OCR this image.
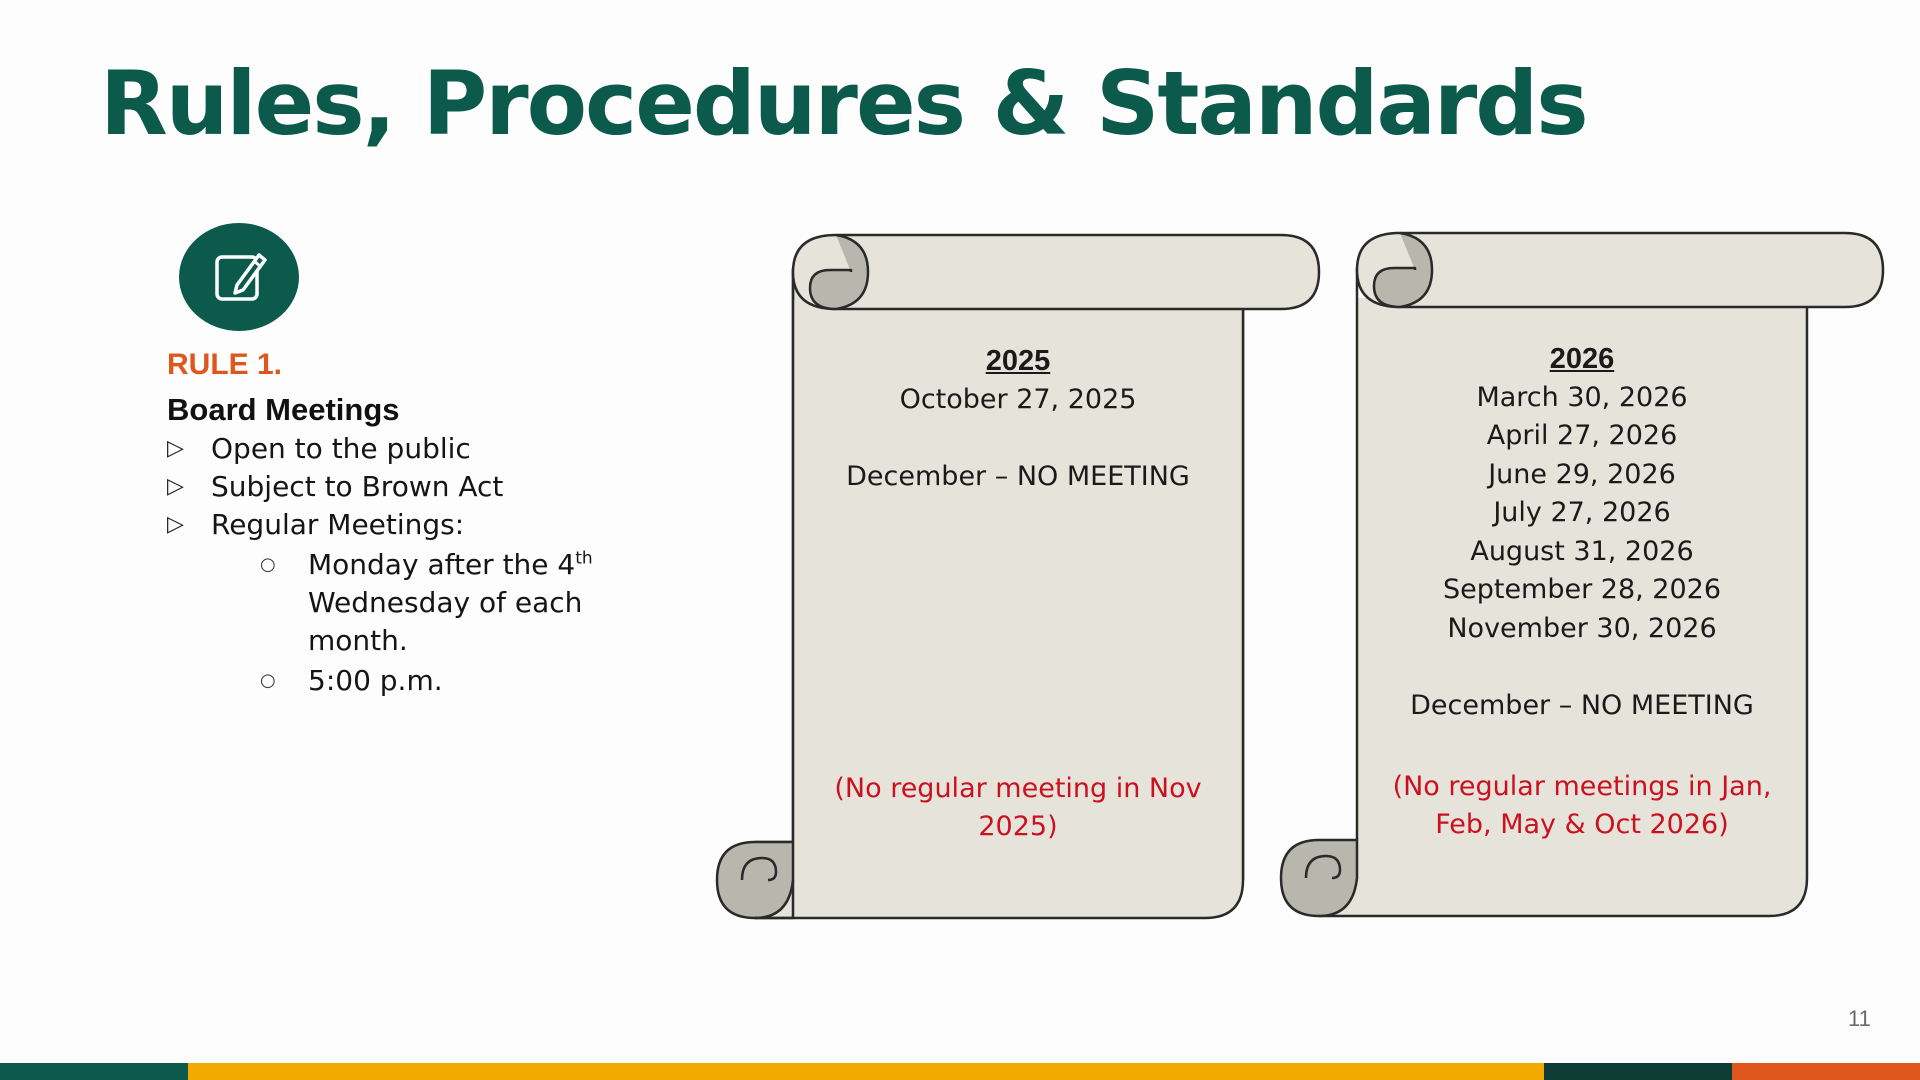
Rules, Procedures & Standards

RULE 1.

Board Meetings

▷ Open to the public
▷ Subject to Brown Act
▷ Regular Meetings:
○	Monday after the 4th
Wednesday of each month.
○	5:00 p.m.
2025
October 27, 2025
December – NO MEETING
(No regular meeting in Nov 2025)
2026
March 30, 2026
April 27, 2026
June 29, 2026
July 27, 2026
August 31, 2026
September 28, 2026
November 30, 2026
December – NO MEETING
(No regular meetings in Jan, Feb, May & Oct 2026)
11
